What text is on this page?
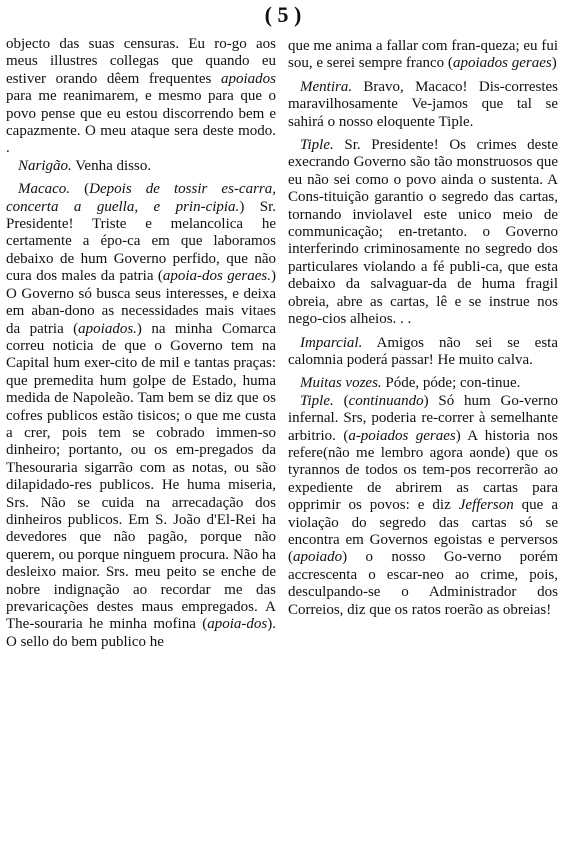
( 5 )

objecto das suas censuras. Eu ro-go aos meus illustres collegas que quando eu estiver orando dêem frequentes apoiados para me reanimarem, e mesmo para que o povo pense que eu estou discorrendo bem e capazmente. O meu ataque sera deste modo. .

Narigão. Venha disso.

Macaco. (Depois de tossir es-carra, concerta a guella, e prin-cipia.) Sr. Presidente! Triste e melancolica he certamente a épo-ca em que laboramos debaixo de hum Governo perfido, que não cura dos males da patria (apoia-dos geraes.) O Governo só busca seus interesses, e deixa em aban-dono as necessidades mais vitaes da patria (apoiados.) na minha Comarca correu noticia de que o Governo tem na Capital hum exer-cito de mil e tantas praças: que premedita hum golpe de Estado, huma medida de Napoleão. Tam bem se diz que os cofres publicos estão tisicos; o que me custa a crer, pois tem se cobrado immen-so dinheiro; portanto, ou os em-pregados da Thesouraria sigarrão com as notas, ou são dilapidado-res publicos. He huma miseria, Srs. Não se cuida na arrecadação dos dinheiros publicos. Em S. João d'El-Rei ha devedores que não pagão, porque não querem, ou porque ninguem procura. Não ha desleixo maior. Srs. meu peito se enche de nobre indignação ao recordar me das prevaricações destes maus empregados. A The-souraria he minha mofina (apoia-dos). O sello do bem publico he

que me anima a fallar com fran-queza; eu fui sou, e serei sempre franco (apoiados geraes)

Mentira. Bravo, Macaco! Dis-correstes maravilhosamente Ve-jamos que tal se sahirá o nosso eloquente Tiple.

Tiple. Sr. Presidente! Os crimes deste execrando Governo são tão monstruosos que eu não sei como o povo ainda o sustenta. A Cons-tituição garantio o segredo das cartas, tornando inviolavel este unico meio de communicação; en-tretanto. o Governo interferindo criminosamente no segredo dos particulares violando a fé publi-ca, que esta debaixo da salvaguar-da de huma fragil obreia, abre as cartas, lê e se instrue nos nego-cios alheios. . .

Imparcial. Amigos não sei se esta calomnia poderá passar! He muito calva.

Muitas vozes. Póde, póde; con-tinue.

Tiple. (continuando) Só hum Go-verno infernal. Srs, poderia re-correr à semelhante arbitrio. (a-poiados geraes) A historia nos refere(não me lembro agora aonde) que os tyrannos de todos os tem-pos recorrerão ao expediente de abrirem as cartas para opprimir os povos: e diz Jefferson que a violação do segredo das cartas só se encontra em Governos egoistas e perversos (apoiado) o nosso Go-verno porém accrescenta o escar-neo ao crime, pois, desculpando-se o Administrador dos Correios, diz que os ratos roerão as obreias!
